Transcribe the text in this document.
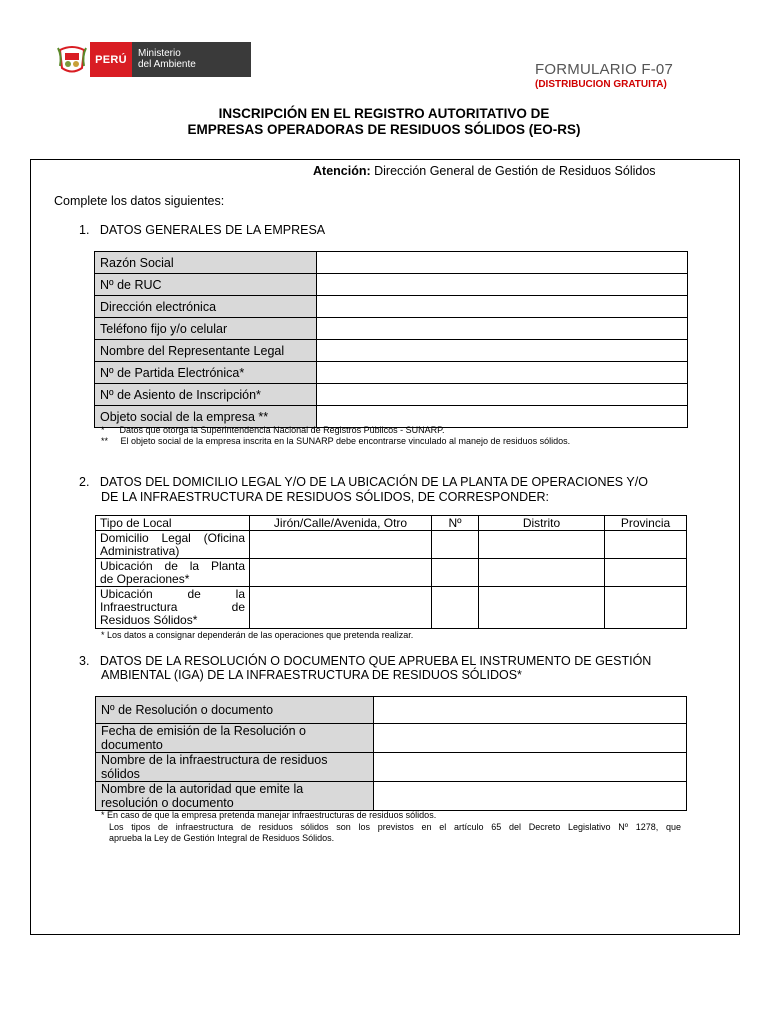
PERÚ	Ministerio
del Ambiente	FORMULARIO F-07
(DISTRIBUCION GRATUITA)
INSCRIPCIÓN EN EL REGISTRO AUTORITATIVO DE
EMPRESAS OPERADORAS DE RESIDUOS SÓLIDOS (EO-RS)
Atención: Dirección General de Gestión de Residuos Sólidos
Complete los datos siguientes:
1.   DATOS GENERALES DE LA EMPRESA
Razón Social	
Nº de RUC	
Dirección electrónica	
Teléfono fijo y/o celular	
Nombre del Representante Legal	
Nº de Partida Electrónica*	
Nº de Asiento de Inscripción*	
Objeto social de la empresa **	
*      Datos que otorga la Superintendencia Nacional de Registros Públicos - SUNARP.
**     El objeto social de la empresa inscrita en la SUNARP debe encontrarse vinculado al manejo de residuos sólidos.
2.   DATOS DEL DOMICILIO LEGAL Y/O DE LA UBICACIÓN DE LA PLANTA DE OPERACIONES Y/O
DE LA INFRAESTRUCTURA DE RESIDUOS SÓLIDOS, DE CORRESPONDER:
Tipo de Local	Jirón/Calle/Avenida, Otro	Nº	Distrito	Provincia

Domicilio Legal (Oficina
Administrativa)				

Ubicación de la Planta
de Operaciones*				

Ubicación de la
Infraestructura de
Residuos Sólidos*				

* Los datos a consignar dependerán de las operaciones que pretenda realizar.
3.   DATOS DE LA RESOLUCIÓN O DOCUMENTO QUE APRUEBA EL INSTRUMENTO DE GESTIÓN
AMBIENTAL (IGA) DE LA INFRAESTRUCTURA DE RESIDUOS SÓLIDOS*
Nº de Resolución o documento	

Fecha de emisión de la Resolución o
documento	

Nombre de la infraestructura de residuos
sólidos	

Nombre de la autoridad que emite la
resolución o documento	

* En caso de que la empresa pretenda manejar infraestructuras de residuos sólidos.
Los tipos de infraestructura de residuos sólidos son los previstos en el artículo 65 del Decreto Legislativo Nº 1278, que
aprueba la Ley de Gestión Integral de Residuos Sólidos.
